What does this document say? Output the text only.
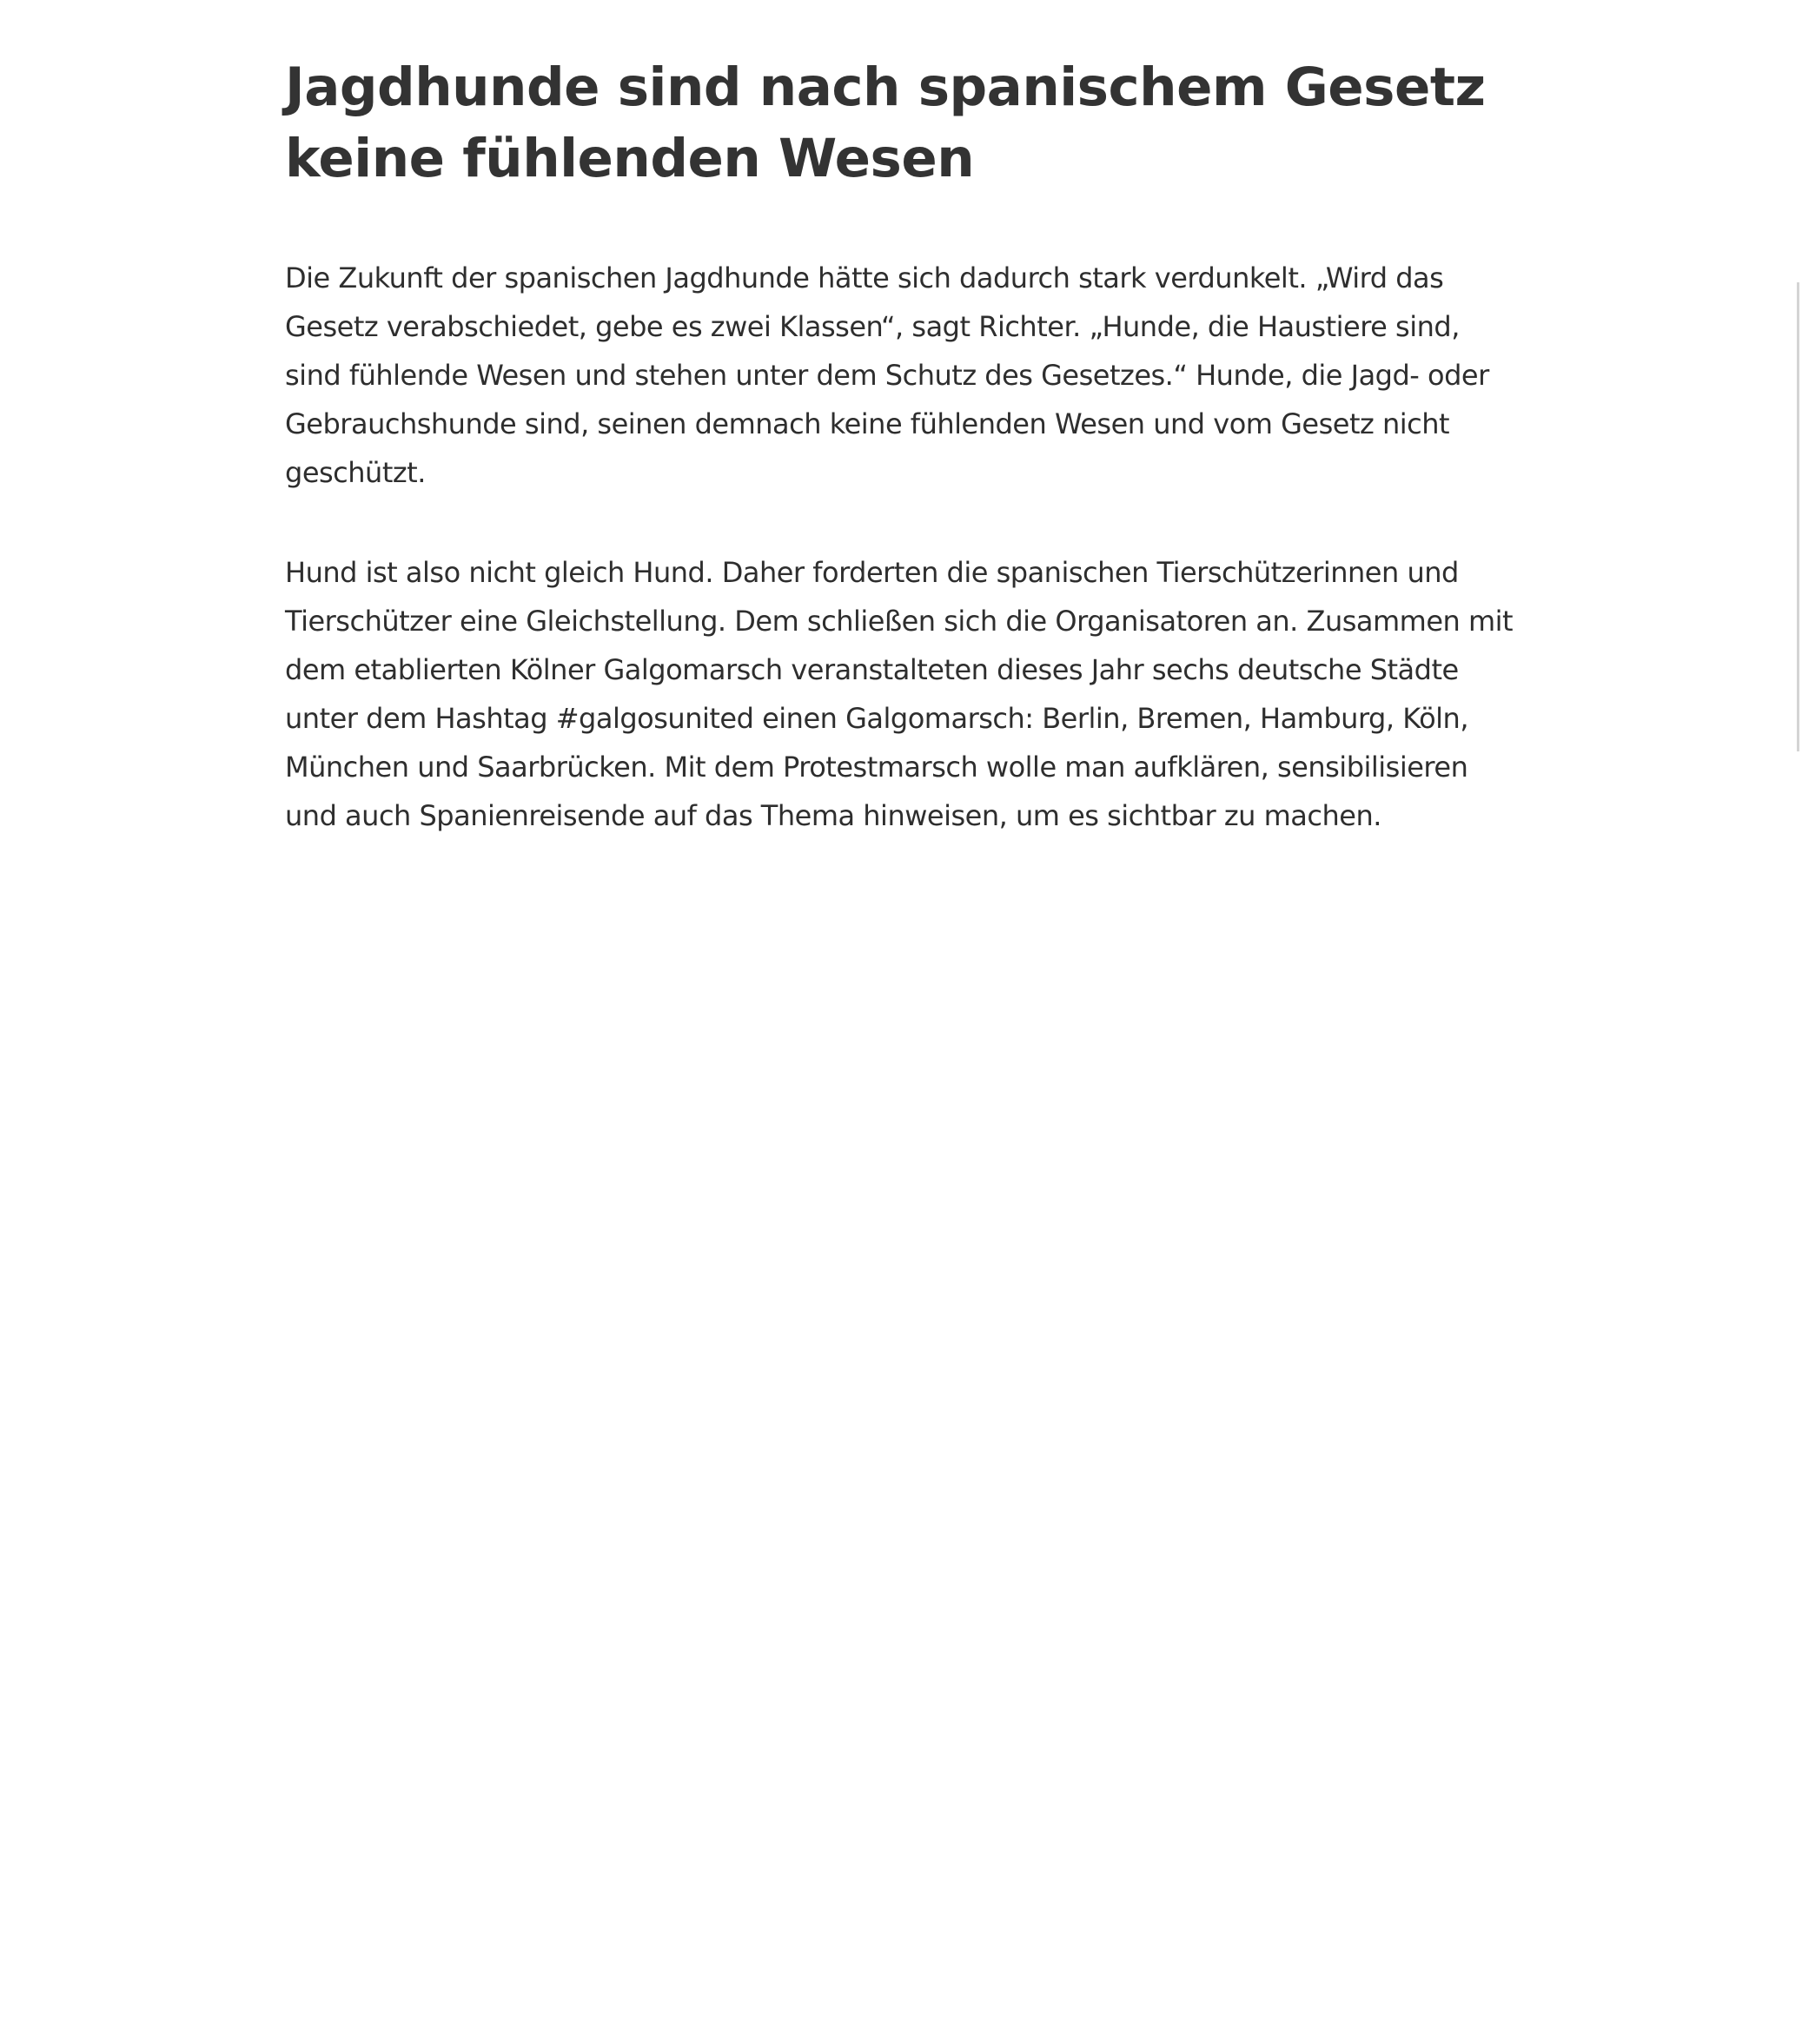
Jagdhunde sind nach spanischem Gesetz keine fühlenden Wesen

Die Zukunft der spanischen Jagdhunde hätte sich dadurch stark verdunkelt. „Wird das Gesetz verabschiedet, gebe es zwei Klassen“, sagt Richter. „Hunde, die Haustiere sind, sind fühlende Wesen und stehen unter dem Schutz des Gesetzes.“ Hunde, die Jagd- oder Gebrauchshunde sind, seinen demnach keine fühlenden Wesen und vom Gesetz nicht geschützt.

Hund ist also nicht gleich Hund. Daher forderten die spanischen Tierschützerinnen und Tierschützer eine Gleichstellung. Dem schließen sich die Organisatoren an. Zusammen mit dem etablierten Kölner Galgomarsch veranstalteten dieses Jahr sechs deutsche Städte unter dem Hashtag #galgosunited einen Galgomarsch: Berlin, Bremen, Hamburg, Köln, München und Saarbrücken. Mit dem Protestmarsch wolle man aufklären, sensibilisieren und auch Spanienreisende auf das Thema hinweisen, um es sichtbar zu machen.
